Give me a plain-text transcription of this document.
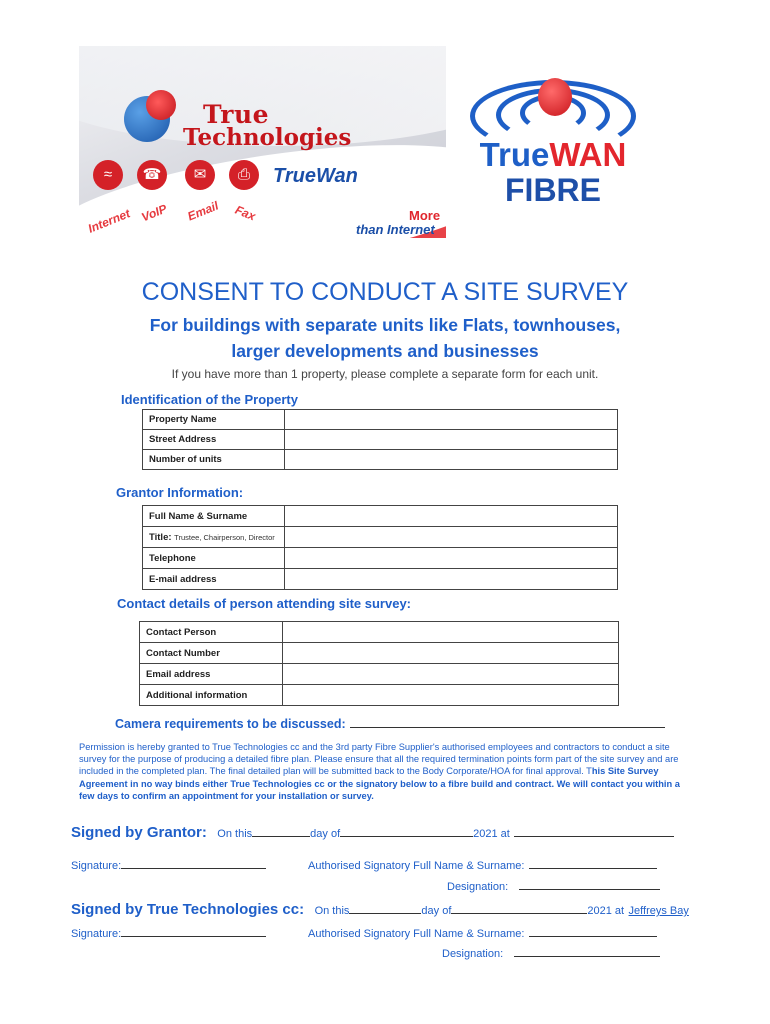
True
Technologies
≈	☎	✉	⎙	TrueWan
Internet VoIP Email Fax	More
than Internet
TrueWAN
FIBRE
CONSENT TO CONDUCT A SITE SURVEY
For buildings with separate units like Flats, townhouses,
larger developments and businesses
If you have more than 1 property, please complete a separate form for each unit.
Identification of the Property
Property Name	
Street Address	
Number of units	
Grantor Information:
Full Name & Surname	
Title: Trustee, Chairperson, Director	
Telephone	
E-mail address	
Contact details of person attending site survey:
Contact Person	
Contact Number	
Email address	
Additional information	
Camera requirements to be discussed:
Permission is hereby granted to True Technologies cc and the 3rd party Fibre Supplier's authorised employees and contractors to conduct a site survey for the purpose of producing a detailed fibre plan. Please ensure that all the required termination points form part of the site survey and are included in the completed plan. The final detailed plan will be submitted back to the Body Corporate/HOA for final approval. This Site Survey Agreement in no way binds either True Technologies cc or the signatory below to a fibre build and contract. We will contact you within a few days to confirm an appointment for your installation or survey.
Signed by Grantor: On this	day of	2021 at
Signature:	Authorised Signatory Full Name & Surname:
Designation:
Signed by True Technologies cc: On this	day of	2021 at Jeffreys Bay
Signature:	Authorised Signatory Full Name & Surname:
Designation:
